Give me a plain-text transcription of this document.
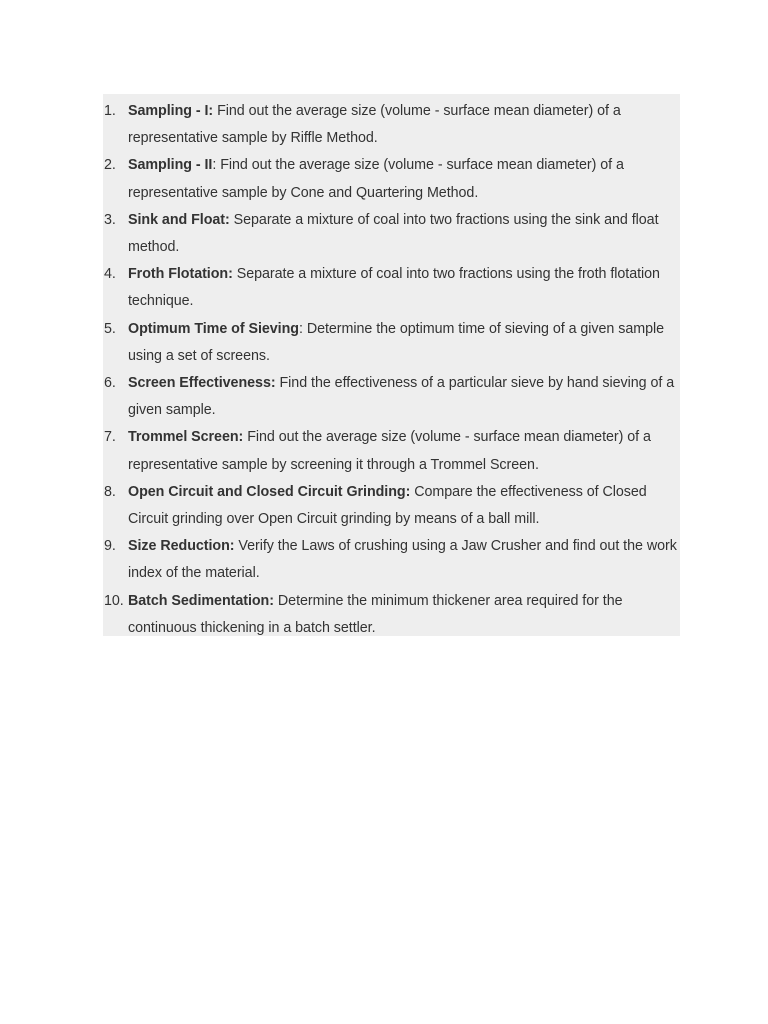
1. Sampling - I: Find out the average size (volume - surface mean diameter) of a representative sample by Riffle Method.
2. Sampling - II: Find out the average size (volume - surface mean diameter) of a representative sample by Cone and Quartering Method.
3. Sink and Float: Separate a mixture of coal into two fractions using the sink and float method.
4. Froth Flotation: Separate a mixture of coal into two fractions using the froth flotation technique.
5. Optimum Time of Sieving: Determine the optimum time of sieving of a given sample using a set of screens.
6. Screen Effectiveness: Find the effectiveness of a particular sieve by hand sieving of a given sample.
7. Trommel Screen: Find out the average size (volume - surface mean diameter) of a representative sample by screening it through a Trommel Screen.
8. Open Circuit and Closed Circuit Grinding: Compare the effectiveness of Closed Circuit grinding over Open Circuit grinding by means of a ball mill.
9. Size Reduction: Verify the Laws of crushing using a Jaw Crusher and find out the work index of the material.
10. Batch Sedimentation: Determine the minimum thickener area required for the continuous thickening in a batch settler.
